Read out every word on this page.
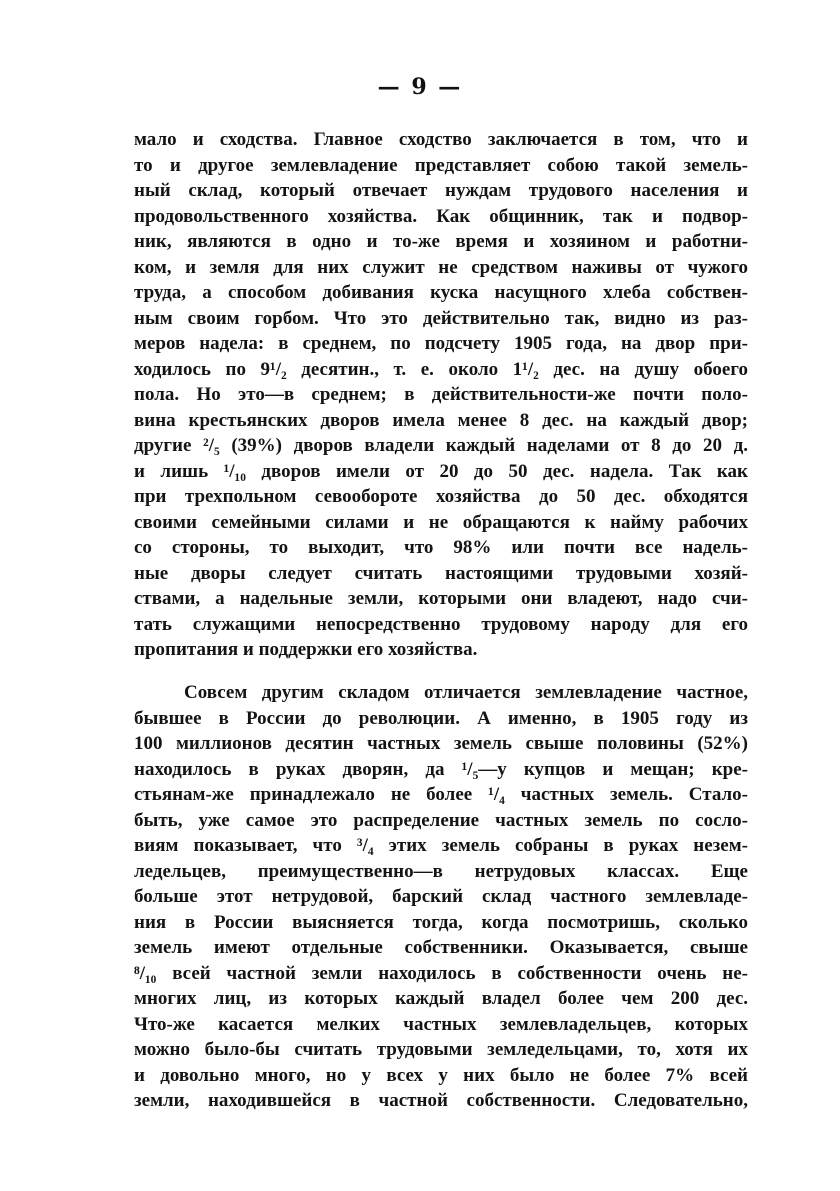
— 9 —
мало и сходства. Главное сходство заключается в том, что и
то и другое землевладение представляет собою такой земель-
ный склад, который отвечает нуждам трудового населения и
продовольственного хозяйства. Как общинник, так и подвор-
ник, являются в одно и то-же время и хозяином и работни-
ком, и земля для них служит не средством наживы от чужого
труда, а способом добивания куска насущного хлеба собствен-
ным своим горбом. Что это действительно так, видно из раз-
меров надела: в среднем, по подсчету 1905 года, на двор при-
ходилось по 9¹/₂ десятин., т. е. около 1¹/₂ дес. на душу обоего
пола. Но это—в среднем; в действительности-же почти поло-
вина крестьянских дворов имела менее 8 дес. на каждый двор;
другие ²/₅ (39%) дворов владели каждый наделами от 8 до 20 д.
и лишь ¹/₁₀ дворов имели от 20 до 50 дес. надела. Так как
при трехпольном севообороте хозяйства до 50 дес. обходятся
своими семейными силами и не обращаются к найму рабочих
со стороны, то выходит, что 98% или почти все надель-
ные дворы следует считать настоящими трудовыми хозяй-
ствами, а надельные земли, которыми они владеют, надо счи-
тать служащими непосредственно трудовому народу для его
пропитания и поддержки его хозяйства.
Совсем другим складом отличается землевладение частное,
бывшее в России до революции. А именно, в 1905 году из
100 миллионов десятин частных земель свыше половины (52%)
находилось в руках дворян, да ¹/₅—у купцов и мещан; кре-
стьянам-же принадлежало не более ¹/₄ частных земель. Стало-
быть, уже самое это распределение частных земель по сосло-
виям показывает, что ³/₄ этих земель собраны в руках незем-
ледельцев, преимущественно—в нетрудовых классах. Еще
больше этот нетрудовой, барский склад частного землевладе-
ния в России выясняется тогда, когда посмотришь, сколько
земель имеют отдельные собственники. Оказывается, свыше
⁸/₁₀ всей частной земли находилось в собственности очень не-
многих лиц, из которых каждый владел более чем 200 дес.
Что-же касается мелких частных землевладельцев, которых
можно было-бы считать трудовыми земледельцами, то, хотя их
и довольно много, но у всех у них было не более 7% всей
земли, находившейся в частной собственности. Следовательно,
